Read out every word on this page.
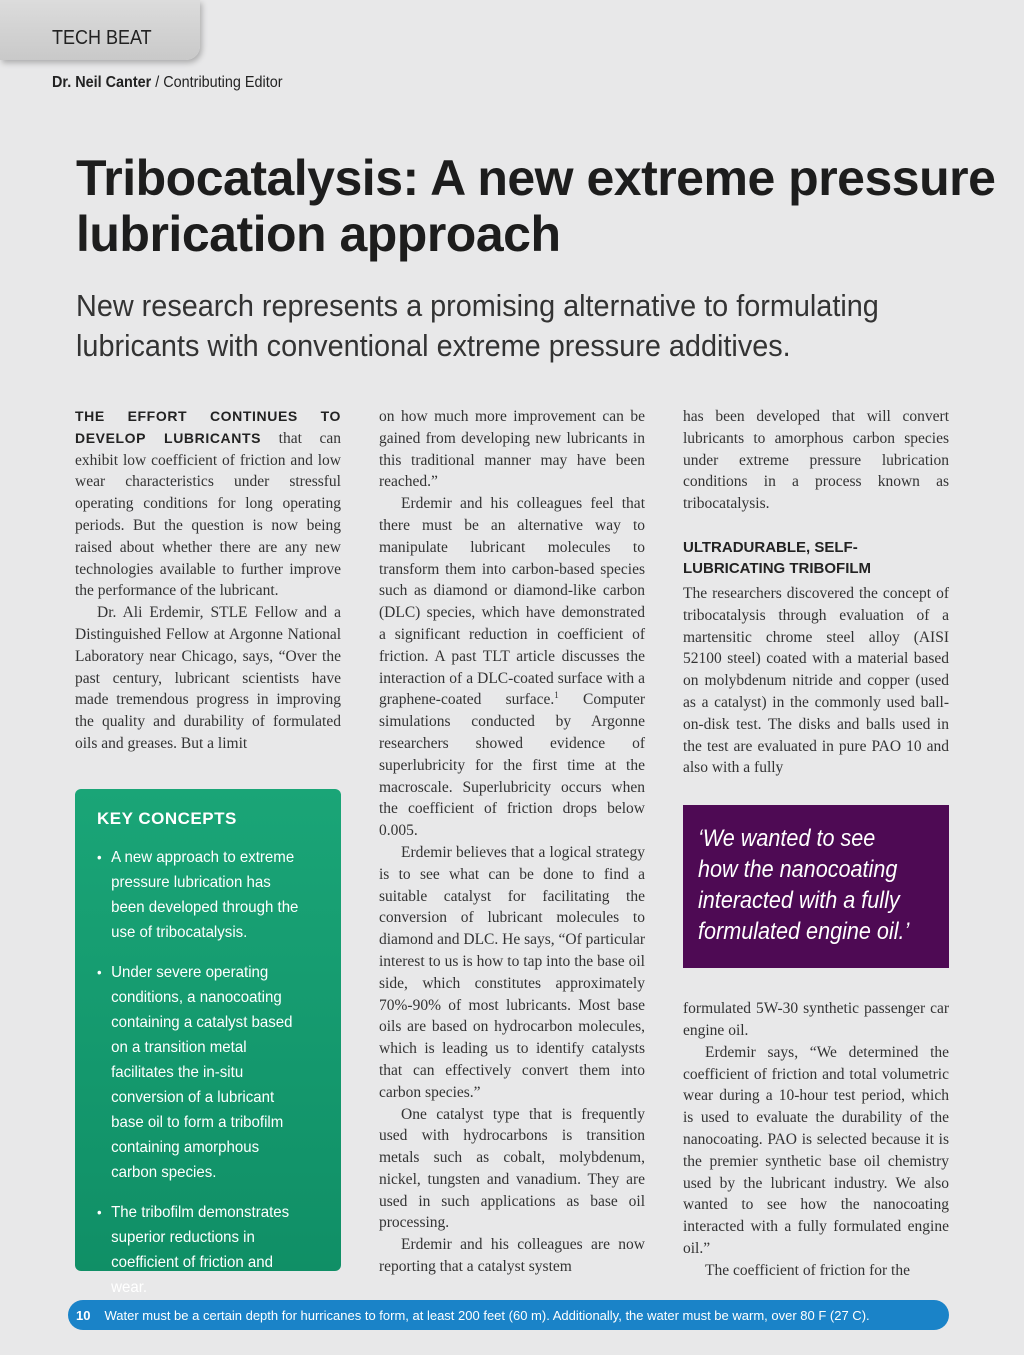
TECH BEAT
Dr. Neil Canter / Contributing Editor
Tribocatalysis: A new extreme pressure lubrication approach

New research represents a promising alternative to formulating lubricants with conventional extreme pressure additives.

THE EFFORT CONTINUES TO DEVELOP LUBRICANTS that can exhibit low coefficient of friction and low wear characteristics under stressful operating conditions for long operating periods. But the question is now being raised about whether there are any new technologies available to further improve the performance of the lubricant.

Dr. Ali Erdemir, STLE Fellow and a Distinguished Fellow at Argonne National Laboratory near Chicago, says, “Over the past century, lubricant scientists have made tremendous progress in improving the quality and durability of formulated oils and greases. But a limit

KEY CONCEPTS
• A new approach to extreme pressure lubrication has been developed through the use of tribocatalysis.
• Under severe operating conditions, a nanocoating containing a catalyst based on a transition metal facilitates the in-situ conversion of a lubricant base oil to form a tribofilm containing amorphous carbon species.
• The tribofilm demonstrates superior reductions in coefficient of friction and wear.

on how much more improvement can be gained from developing new lubricants in this traditional manner may have been reached.”

Erdemir and his colleagues feel that there must be an alternative way to manipulate lubricant molecules to transform them into carbon-based species such as diamond or diamond-like carbon (DLC) species, which have demonstrated a significant reduction in coefficient of friction. A past TLT article discusses the interaction of a DLC-coated surface with a graphene-coated surface.$^1$ Computer simulations conducted by Argonne researchers showed evidence of superlubricity for the first time at the macroscale. Superlubricity occurs when the coefficient of friction drops below 0.005.

Erdemir believes that a logical strategy is to see what can be done to find a suitable catalyst for facilitating the conversion of lubricant molecules to diamond and DLC. He says, “Of particular interest to us is how to tap into the base oil side, which constitutes approximately 70%-90% of most lubricants. Most base oils are based on hydrocarbon molecules, which is leading us to identify catalysts that can effectively convert them into carbon species.”

One catalyst type that is frequently used with hydrocarbons is transition metals such as cobalt, molybdenum, nickel, tungsten and vanadium. They are used in such applications as base oil processing.

Erdemir and his colleagues are now reporting that a catalyst system

has been developed that will convert lubricants to amorphous carbon species under extreme pressure lubrication conditions in a process known as tribocatalysis.

ULTRADURABLE, SELF-LUBRICATING TRIBOFILM

The researchers discovered the concept of tribocatalysis through evaluation of a martensitic chrome steel alloy (AISI 52100 steel) coated with a material based on molybdenum nitride and copper (used as a catalyst) in the commonly used ball-on-disk test. The disks and balls used in the test are evaluated in pure PAO 10 and also with a fully

‘We wanted to see how the nanocoating interacted with a fully formulated engine oil.’

formulated 5W-30 synthetic passenger car engine oil.

Erdemir says, “We determined the coefficient of friction and total volumetric wear during a 10-hour test period, which is used to evaluate the durability of the nanocoating. PAO is selected because it is the premier synthetic base oil chemistry used by the lubricant industry. We also wanted to see how the nanocoating interacted with a fully formulated engine oil.”

The coefficient of friction for the

10 Water must be a certain depth for hurricanes to form, at least 200 feet (60 m). Additionally, the water must be warm, over 80 F (27 C).
